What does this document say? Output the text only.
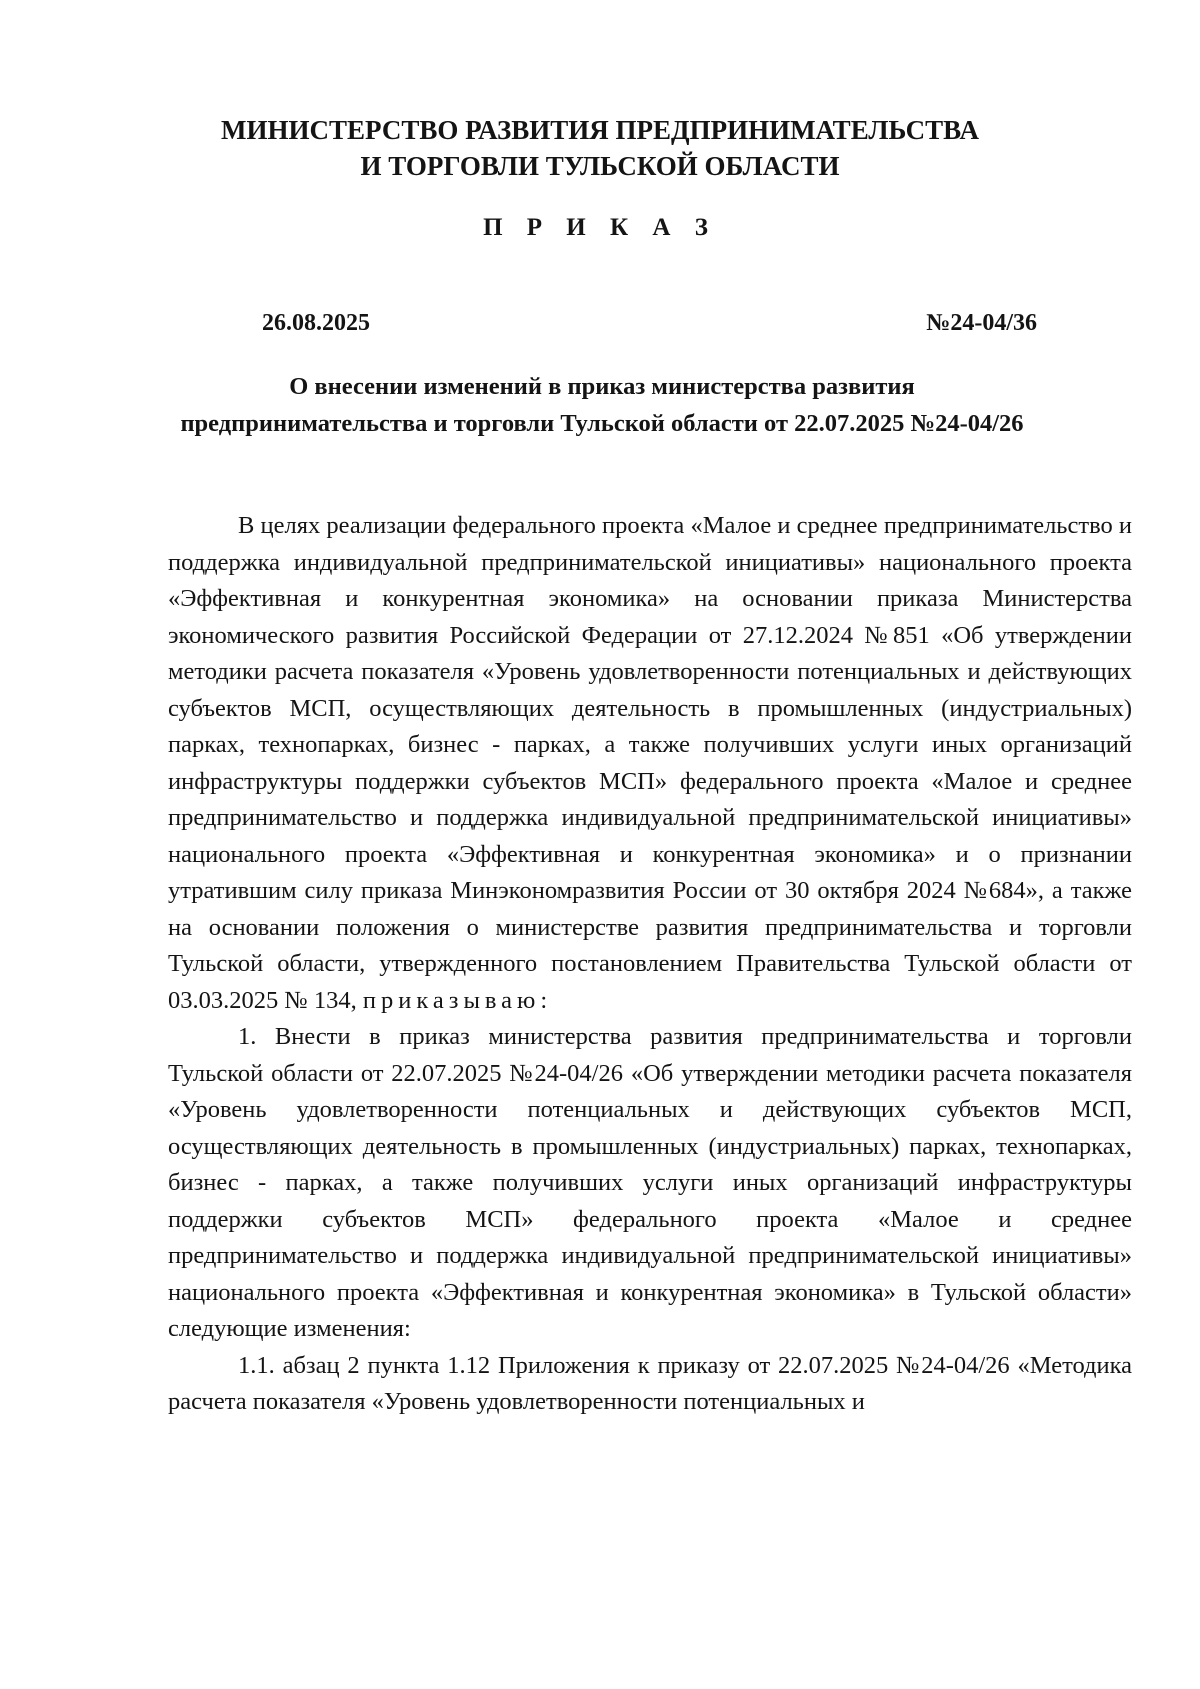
МИНИСТЕРСТВО РАЗВИТИЯ ПРЕДПРИНИМАТЕЛЬСТВА
И ТОРГОВЛИ ТУЛЬСКОЙ ОБЛАСТИ
П Р И К А З
26.08.2025	№24-04/36
О внесении изменений в приказ министерства развития предпринимательства и торговли Тульской области от 22.07.2025 №24-04/26

В целях реализации федерального проекта «Малое и среднее предпринимательство и поддержка индивидуальной предпринимательской инициативы» национального проекта «Эффективная и конкурентная экономика» на основании приказа Министерства экономического развития Российской Федерации от 27.12.2024 №851 «Об утверждении методики расчета показателя «Уровень удовлетворенности потенциальных и действующих субъектов МСП, осуществляющих деятельность в промышленных (индустриальных) парках, технопарках, бизнес - парках, а также получивших услуги иных организаций инфраструктуры поддержки субъектов МСП» федерального проекта «Малое и среднее предпринимательство и поддержка индивидуальной предпринимательской инициативы» национального проекта «Эффективная и конкурентная экономика» и о признании утратившим силу приказа Минэкономразвития России от 30 октября 2024 №684», а также на основании положения о министерстве развития предпринимательства и торговли Тульской области, утвержденного постановлением Правительства Тульской области от 03.03.2025 № 134, приказываю:

1. Внести в приказ министерства развития предпринимательства и торговли Тульской области от 22.07.2025 №24-04/26 «Об утверждении методики расчета показателя «Уровень удовлетворенности потенциальных и действующих субъектов МСП, осуществляющих деятельность в промышленных (индустриальных) парках, технопарках, бизнес - парках, а также получивших услуги иных организаций инфраструктуры поддержки субъектов МСП» федерального проекта «Малое и среднее предпринимательство и поддержка индивидуальной предпринимательской инициативы» национального проекта «Эффективная и конкурентная экономика» в Тульской области» следующие изменения:

1.1. абзац 2 пункта 1.12 Приложения к приказу от 22.07.2025 №24-04/26 «Методика расчета показателя «Уровень удовлетворенности потенциальных и
